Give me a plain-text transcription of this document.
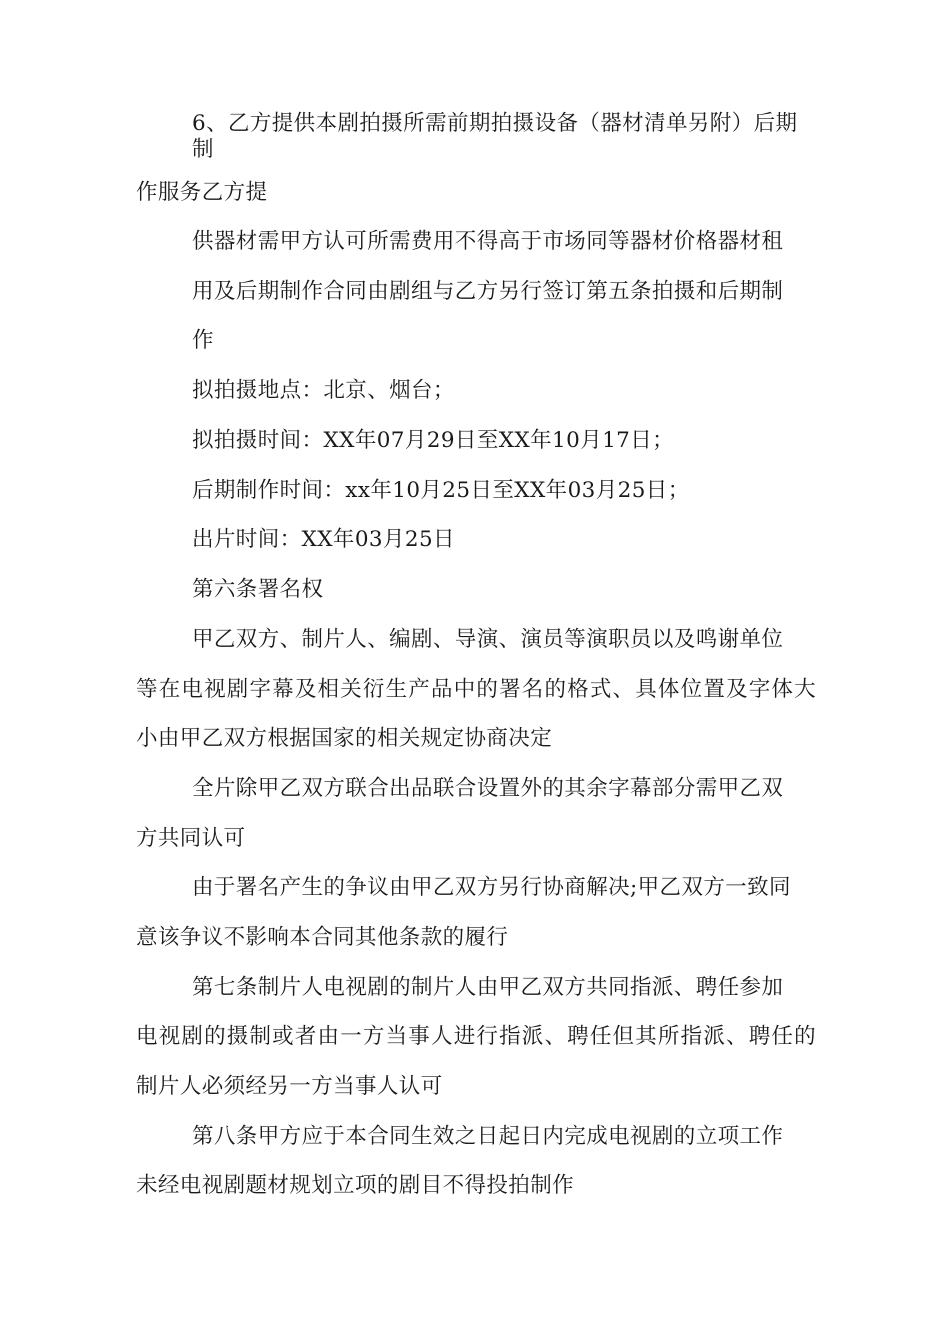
6、乙方提供本剧拍摄所需前期拍摄设备（器材清单另附）后期
制
作服务乙方提
供器材需甲方认可所需费用不得高于市场同等器材价格器材租
用及后期制作合同由剧组与乙方另行签订第五条拍摄和后期制
作
拟拍摄地点：北京、烟台；
拟拍摄时间：XX年07月29日至XX年10月17日；
后期制作时间：xx年10月25日至XX年03月25日；
出片时间：XX年03月25日
第六条署名权
甲乙双方、制片人、编剧、导演、演员等演职员以及鸣谢单位
等在电视剧字幕及相关衍生产品中的署名的格式、具体位置及字体大
小由甲乙双方根据国家的相关规定协商决定
全片除甲乙双方联合出品联合设置外的其余字幕部分需甲乙双
方共同认可
由于署名产生的争议由甲乙双方另行协商解决;甲乙双方一致同
意该争议不影响本合同其他条款的履行
第七条制片人电视剧的制片人由甲乙双方共同指派、聘任参加
电视剧的摄制或者由一方当事人进行指派、聘任但其所指派、聘任的
制片人必须经另一方当事人认可
第八条甲方应于本合同生效之日起日内完成电视剧的立项工作
未经电视剧题材规划立项的剧目不得投拍制作
